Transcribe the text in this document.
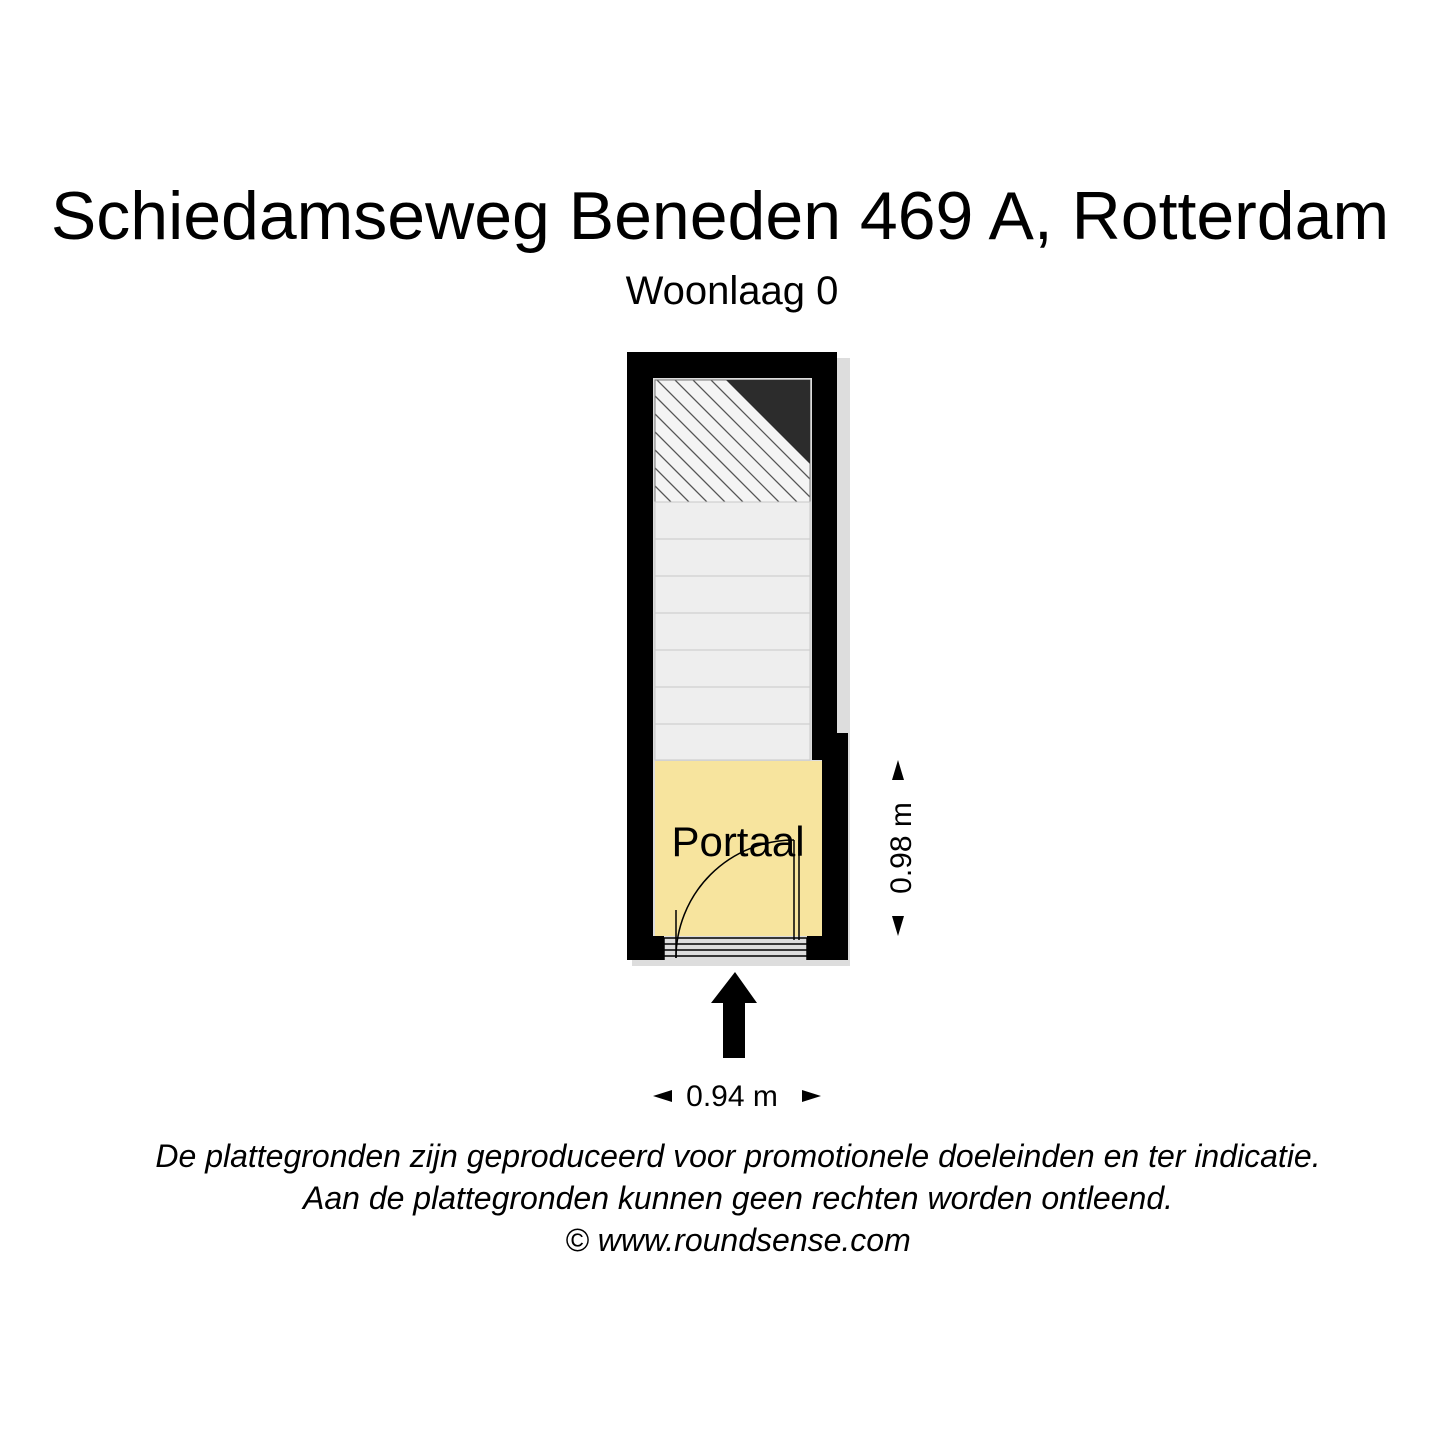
Schiedamseweg Beneden 469 A, Rotterdam
Woonlaag 0
Portaal
0.94 m
0.98 m
De plattegronden zijn geproduceerd voor promotionele doeleinden en ter indicatie.
Aan de plattegronden kunnen geen rechten worden ontleend.
© www.roundsense.com
